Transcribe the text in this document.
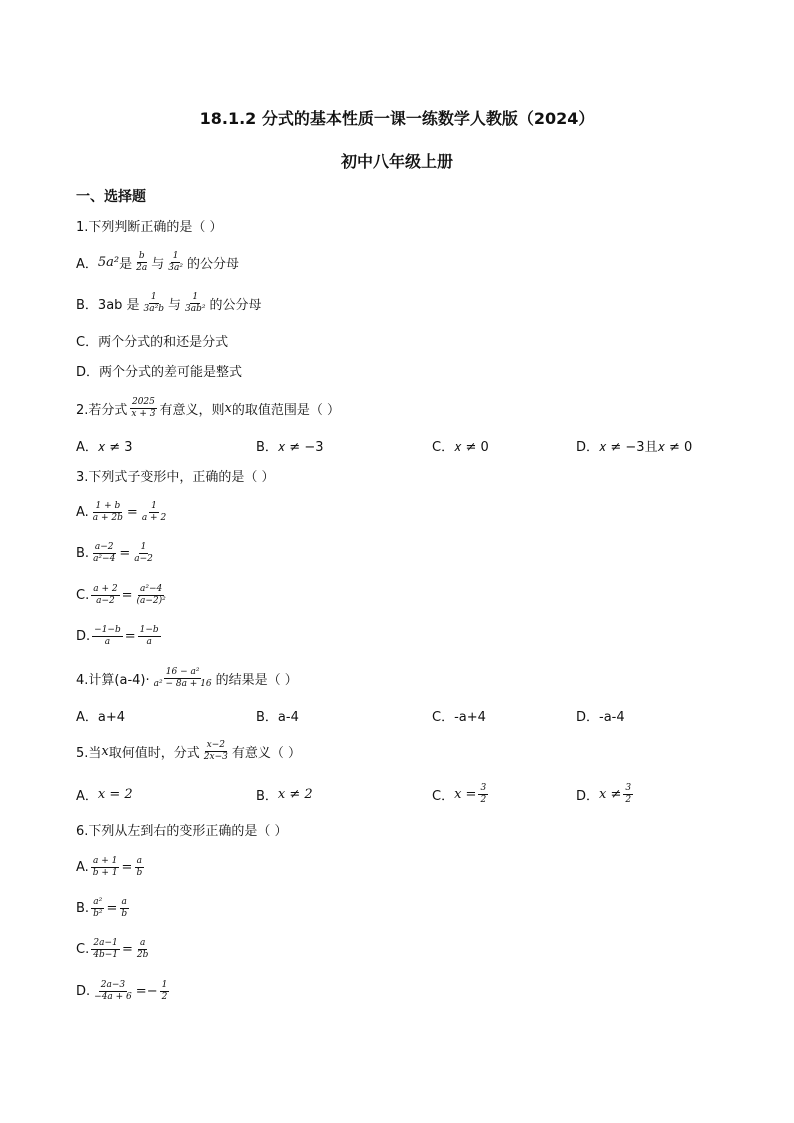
18.1.2 分式的基本性质一课一练数学人教版（2024）
初中八年级上册
一、选择题
1.下列判断正确的是（ ）
A． 5𝑎² 是 $\frac{b}{2a}$ 与 $\frac{1}{\text{3a²}}$ 的公分母
B．3ab 是 $\frac{1}{\text{3a²b}}$ 与 $\frac{1}{\text{3ab²}}$ 的公分母
C．两个分式的和还是分式
D．两个分式的差可能是整式
2.若分式 $\frac{2025}{x + 3}$ 有意义，则 x 的取值范围是（ ）
A．𝑥 ≠ 3	B．𝑥 ≠ −3	C．𝑥 ≠ 0	D．𝑥 ≠ −3且𝑥 ≠ 0
3.下列式子变形中，正确的是（ ）
A. $\frac{1 + b}{a + 2b} = \frac{1}{a + 2}$
B. $\frac{a-2}{\text{a²−4}} = \frac{1}{a-2}$
C. $\frac{a + 2}{a-2} = \frac{\text{a²−4}}{\text{(a−2)²}}$
D. $\frac{-1-b}{a} = \frac{1-b}{a}$
4.计算$(a-4)\cdot \frac{\text{16 − a²}}{\text{a² − 8a + 16}}$ 的结果是（ ）
A．a+4	B．a-4	C．-a+4	D．-a-4
5.当 x 取何值时，分式 $\frac{x-2}{2x-3}$ 有意义（ ）
A． 𝑥 = 2	B． 𝑥 ≠ 2	C． 𝑥 = $\frac{3}{2}$	D． 𝑥 ≠ $\frac{3}{2}$
6.下列从左到右的变形正确的是（ ）
A. $\frac{a + 1}{b + 1} = \frac{a}{b}$
B. $\frac{\text{a²}}{\text{b²}} = \frac{a}{b}$
C. $\frac{2a-1}{4b-1} = \frac{a}{2b}$
D. $\frac{2a-3}{-4a + 6}$ = − $\frac{1}{2}$
